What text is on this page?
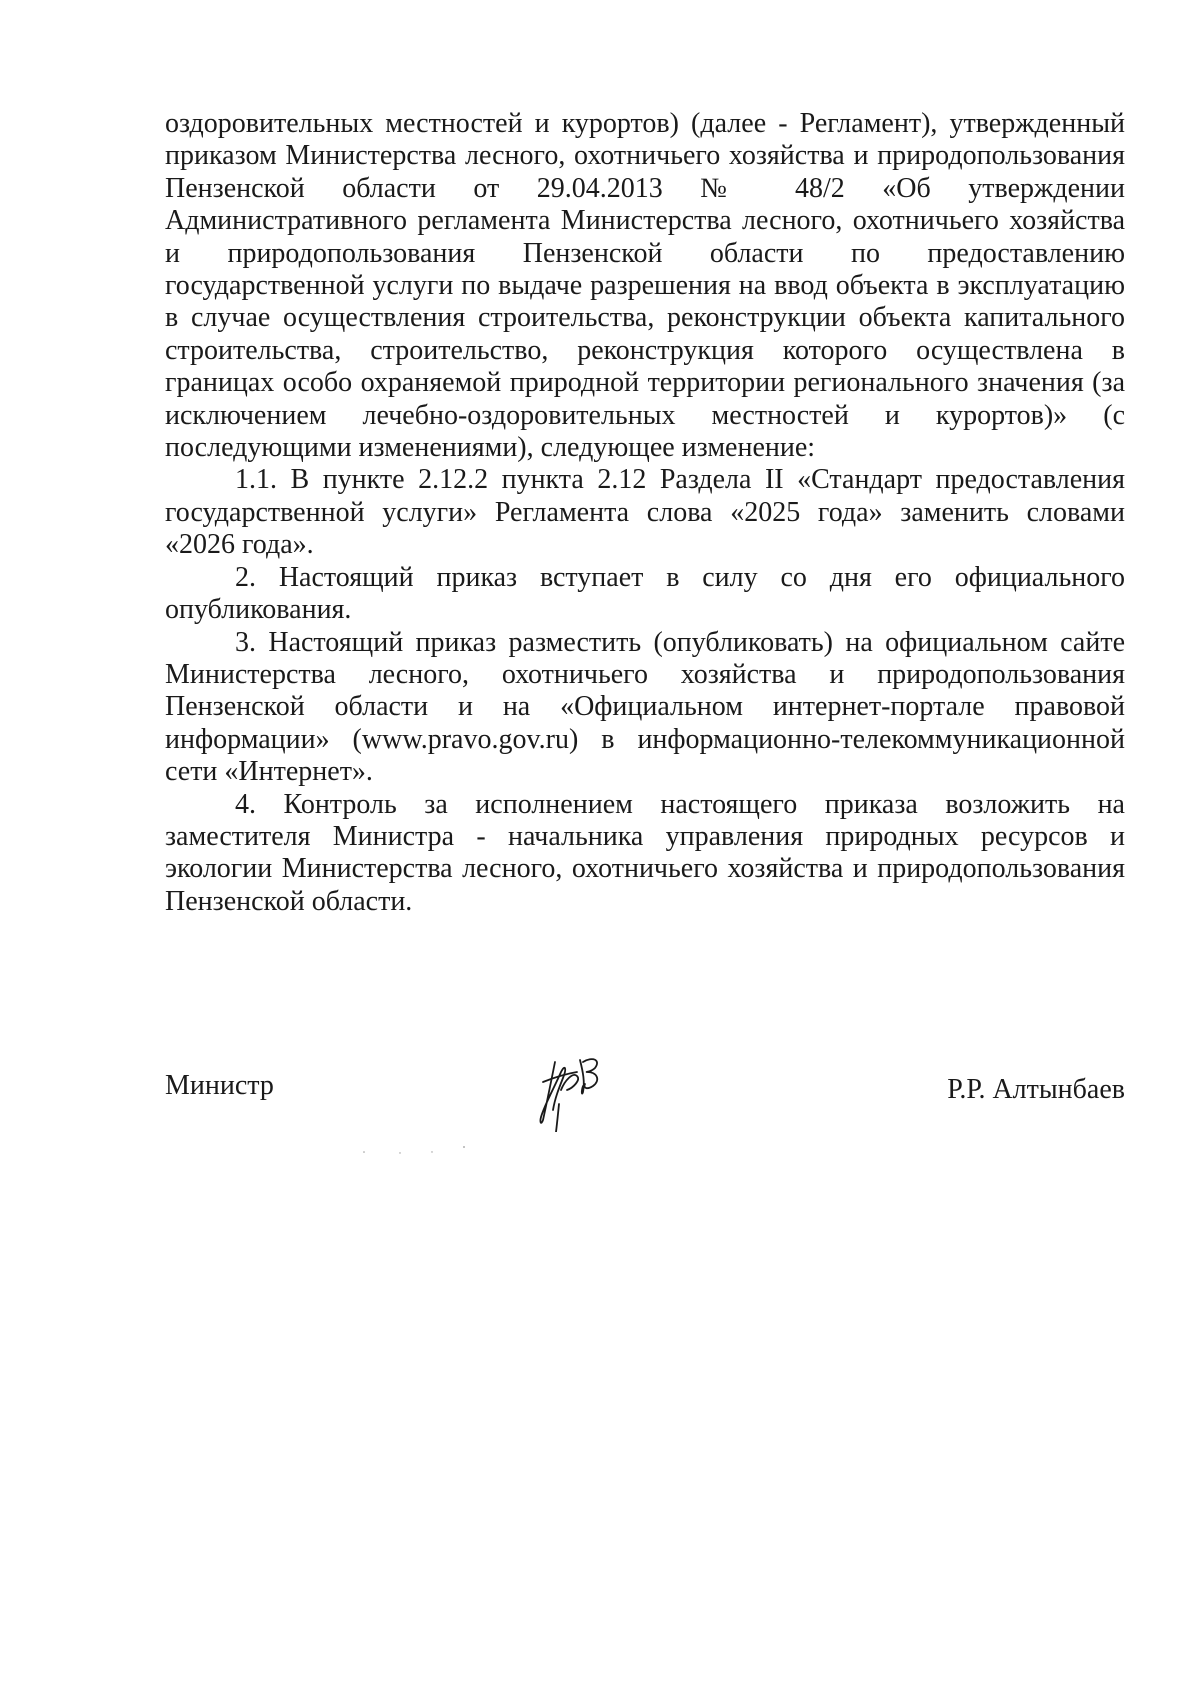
оздоровительных местностей и курортов) (далее - Регламент), утвержденный приказом Министерства лесного, охотничьего хозяйства и природопользования Пензенской области от 29.04.2013 № 48/2 «Об утверждении Административного регламента Министерства лесного, охотничьего хозяйства и природопользования Пензенской области по предоставлению государственной услуги по выдаче разрешения на ввод объекта в эксплуатацию в случае осуществления строительства, реконструкции объекта капитального строительства, строительство, реконструкция которого осуществлена в границах особо охраняемой природной территории регионального значения (за исключением лечебно-оздоровительных местностей и курортов)» (с последующими изменениями), следующее изменение:

1.1. В пункте 2.12.2 пункта 2.12 Раздела II «Стандарт предоставления государственной услуги» Регламента слова «2025 года» заменить словами «2026 года».

2. Настоящий приказ вступает в силу со дня его официального опубликования.

3. Настоящий приказ разместить (опубликовать) на официальном сайте Министерства лесного, охотничьего хозяйства и природопользования Пензенской области и на «Официальном интернет-портале правовой информации» (www.pravo.gov.ru) в информационно-телекоммуникационной сети «Интернет».

4. Контроль за исполнением настоящего приказа возложить на заместителя Министра - начальника управления природных ресурсов и экологии Министерства лесного, охотничьего хозяйства и природопользования Пензенской области.

Министр	Р.Р. Алтынбаев
